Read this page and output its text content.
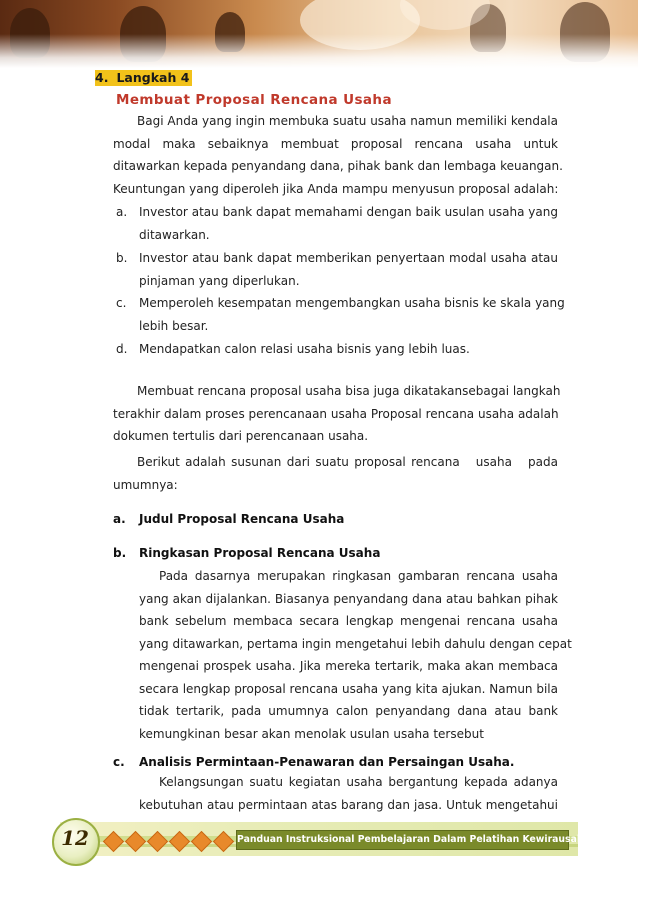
4. Langkah 4
Membuat Proposal Rencana Usaha
Bagi Anda yang ingin membuka suatu usaha namun memiliki kendala
modal maka sebaiknya membuat proposal rencana usaha untuk
ditawarkan kepada penyandang dana, pihak bank dan lembaga keuangan.
Keuntungan yang diperoleh jika Anda mampu menyusun proposal adalah:
a. Investor atau bank dapat memahami dengan baik usulan usaha yang
ditawarkan.
b. Investor atau bank dapat memberikan penyertaan modal usaha atau
pinjaman yang diperlukan.
c. Memperoleh kesempatan mengembangkan usaha bisnis ke skala yang
lebih besar.
d. Mendapatkan calon relasi usaha bisnis yang lebih luas.
Membuat rencana proposal usaha bisa juga dikatakansebagai langkah
terakhir dalam proses perencanaan usaha Proposal rencana usaha adalah
dokumen tertulis dari perencanaan usaha.
Berikut adalah susunan dari suatu proposal rencana   usaha   pada
umumnya:
a. Judul Proposal Rencana Usaha
b. Ringkasan Proposal Rencana Usaha
Pada dasarnya merupakan ringkasan gambaran rencana usaha
yang akan dijalankan. Biasanya penyandang dana atau bahkan pihak
bank sebelum membaca secara lengkap mengenai rencana usaha
yang ditawarkan, pertama ingin mengetahui lebih dahulu dengan cepat
mengenai prospek usaha. Jika mereka tertarik, maka akan membaca
secara lengkap proposal rencana usaha yang kita ajukan. Namun bila
tidak tertarik, pada umumnya calon penyandang dana atau bank
kemungkinan besar akan menolak usulan usaha tersebut
c. Analisis Permintaan-Penawaran dan Persaingan Usaha.
Kelangsungan suatu kegiatan usaha bergantung kepada adanya
kebutuhan atau permintaan atas barang dan jasa. Untuk mengetahui
Panduan Instruksional Pembelajaran Dalam Pelatihan Kewirausahaan Masyarakat
12
